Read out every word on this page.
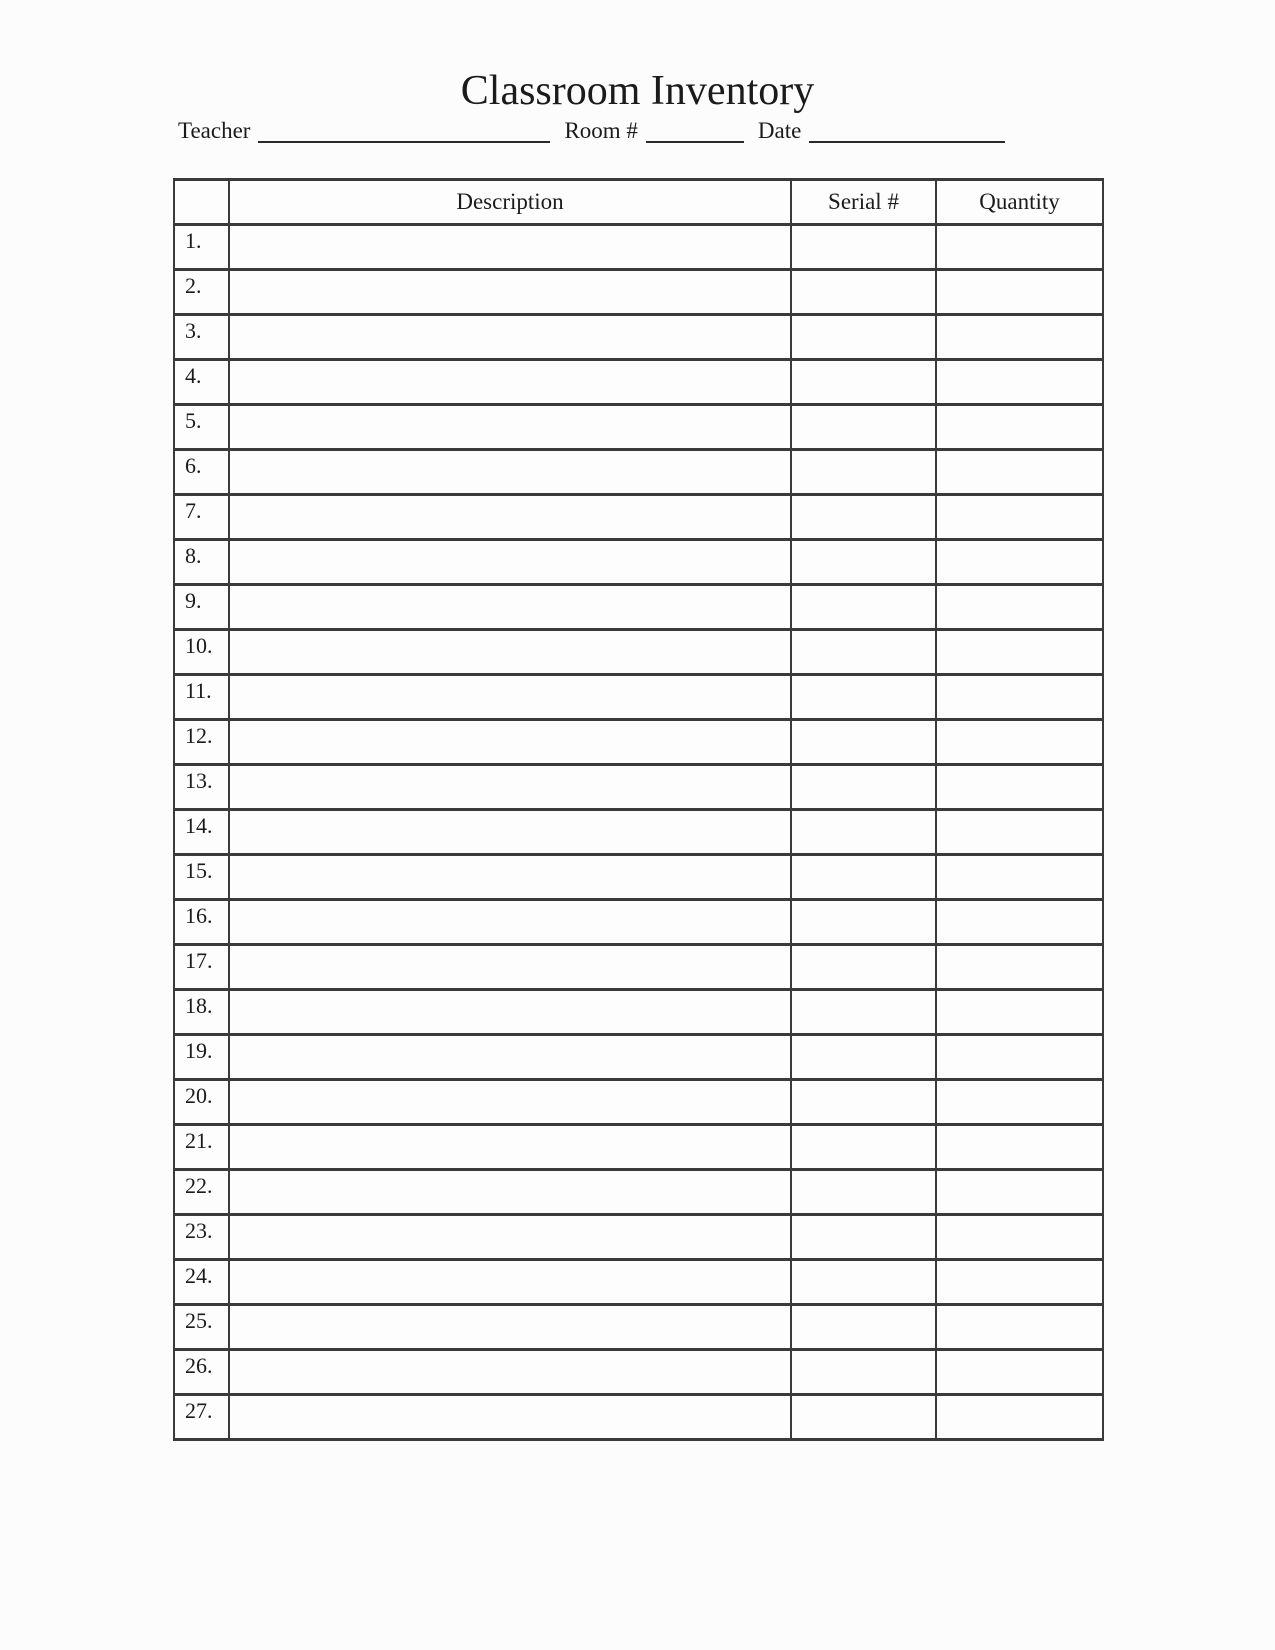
Classroom Inventory
Teacher	Room #	Date
	Description	Serial #	Quantity
1.			
2.			
3.			
4.			
5.			
6.			
7.			
8.			
9.			
10.			
11.			
12.			
13.			
14.			
15.			
16.			
17.			
18.			
19.			
20.			
21.			
22.			
23.			
24.			
25.			
26.			
27.			
